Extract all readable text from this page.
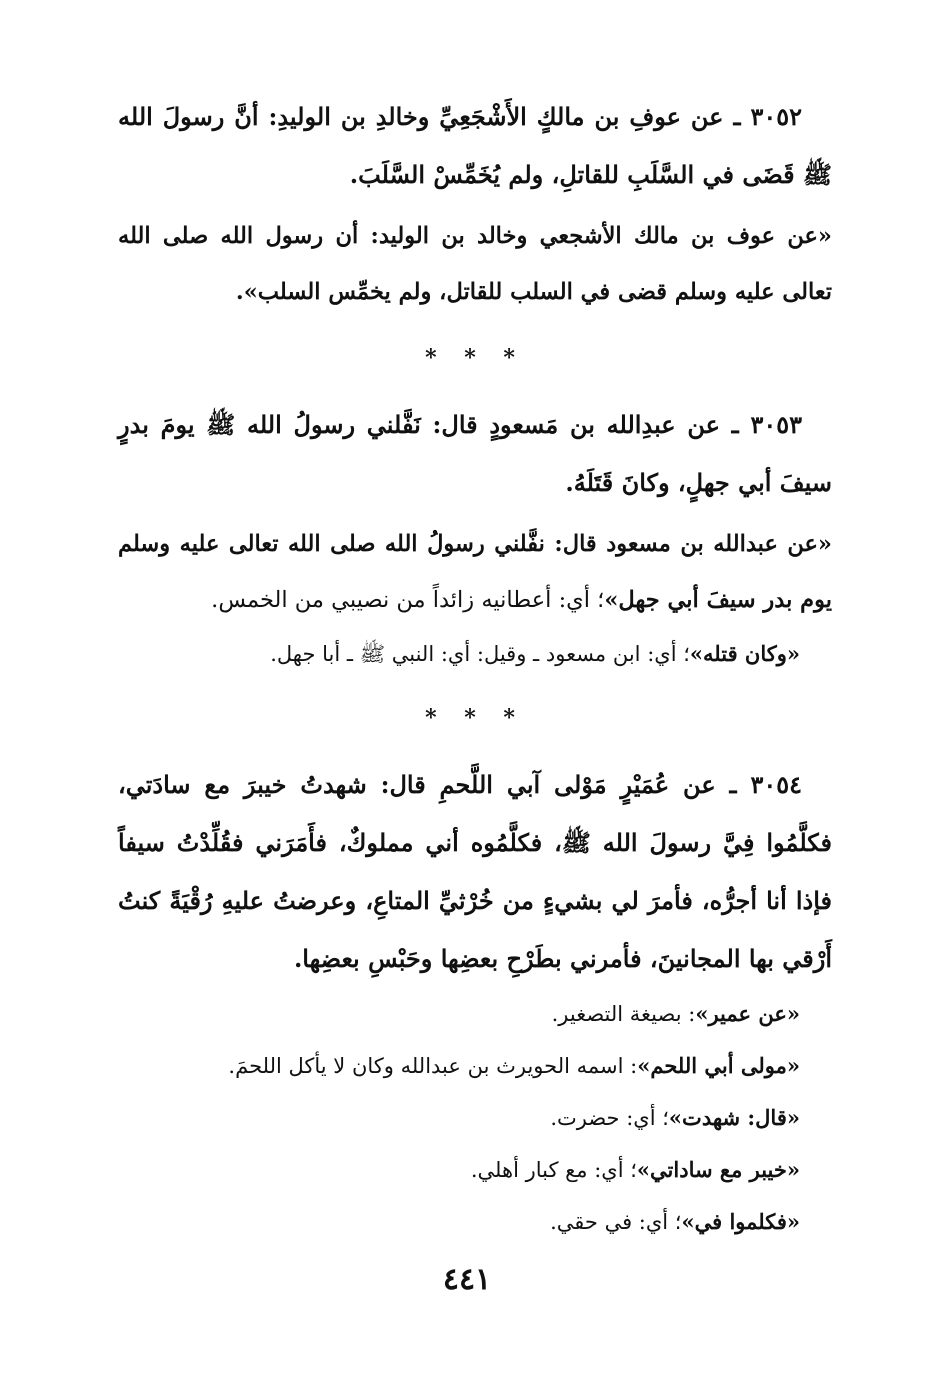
٣٠٥٢ ـ عن عوفِ بن مالكٍ الأَشْجَعِيِّ وخالدِ بن الوليدِ: أنَّ رسولَ الله ﷺ قَضَى في السَّلَبِ للقاتلِ، ولم يُخَمِّسْ السَّلَبَ.

«عن عوف بن مالك الأشجعي وخالد بن الوليد: أن رسول الله صلى الله تعالى عليه وسلم قضى في السلب للقاتل، ولم يخمِّس السلب».

* * *

٣٠٥٣ ـ عن عبدِالله بن مَسعودٍ قال: نَفَّلني رسولُ الله ﷺ يومَ بدرٍ سيفَ أبي جهلٍ، وكانَ قَتَلَهُ.

«عن عبدالله بن مسعود قال: نفَّلني رسولُ الله صلى الله تعالى عليه وسلم يوم بدر سيفَ أبي جهل»؛ أي: أعطانيه زائداً من نصيبي من الخمس.

«وكان قتله»؛ أي: ابن مسعود ـ وقيل: أي: النبي ﷺ ـ أبا جهل.

* * *

٣٠٥٤ ـ عن عُمَيْرٍ مَوْلى آبي اللَّحمِ قال: شهدتُ خيبرَ مع سادَتي، فكلَّمُوا فِيَّ رسولَ الله ﷺ، فكلَّمُوه أني مملوكٌ، فأَمَرَني فقُلِّدْتُ سيفاً فإذا أنا أجرُّه، فأمرَ لي بشيءٍ من خُرْثيِّ المتاعِ، وعرضتُ عليهِ رُقْيَةً كنتُ أَرْقي بها المجانينَ، فأمرني بطَرْحِ بعضِها وحَبْسِ بعضِها.

«عن عمير»: بصيغة التصغير.

«مولى أبي اللحم»: اسمه الحويرث بن عبدالله وكان لا يأكل اللحمَ.

«قال: شهدت»؛ أي: حضرت.

«خيبر مع ساداتي»؛ أي: مع كبار أهلي.

«فكلموا في»؛ أي: في حقي.

٤٤١
